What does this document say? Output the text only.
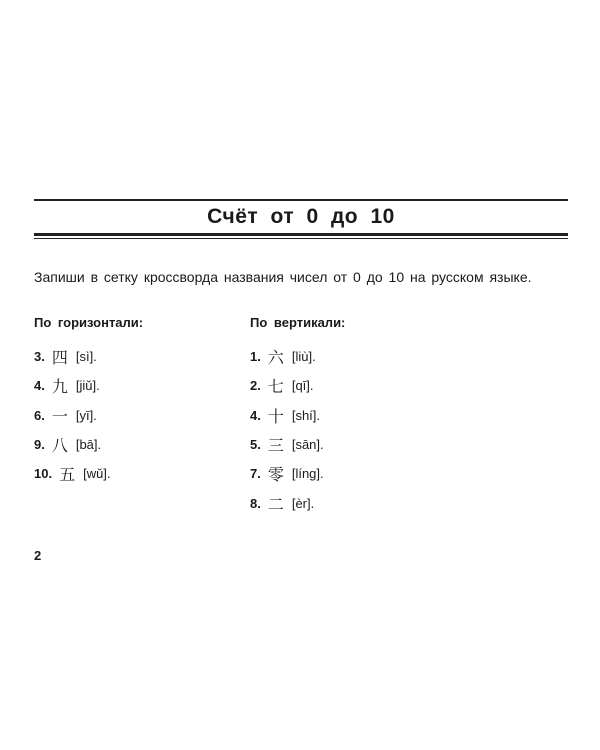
Счёт от 0 до 10
Запиши в сетку кроссворда названия чисел от 0 до 10 на русском языке.
По горизонтали:
3. 四 [sì].
4. 九 [jiǔ].
6. 一 [yī].
9. 八 [bā].
10. 五 [wǔ].
По вертикали:
1. 六 [liù].
2. 七 [qī].
4. 十 [shí].
5. 三 [sān].
7. 零 [líng].
8. 二 [èr].
2
